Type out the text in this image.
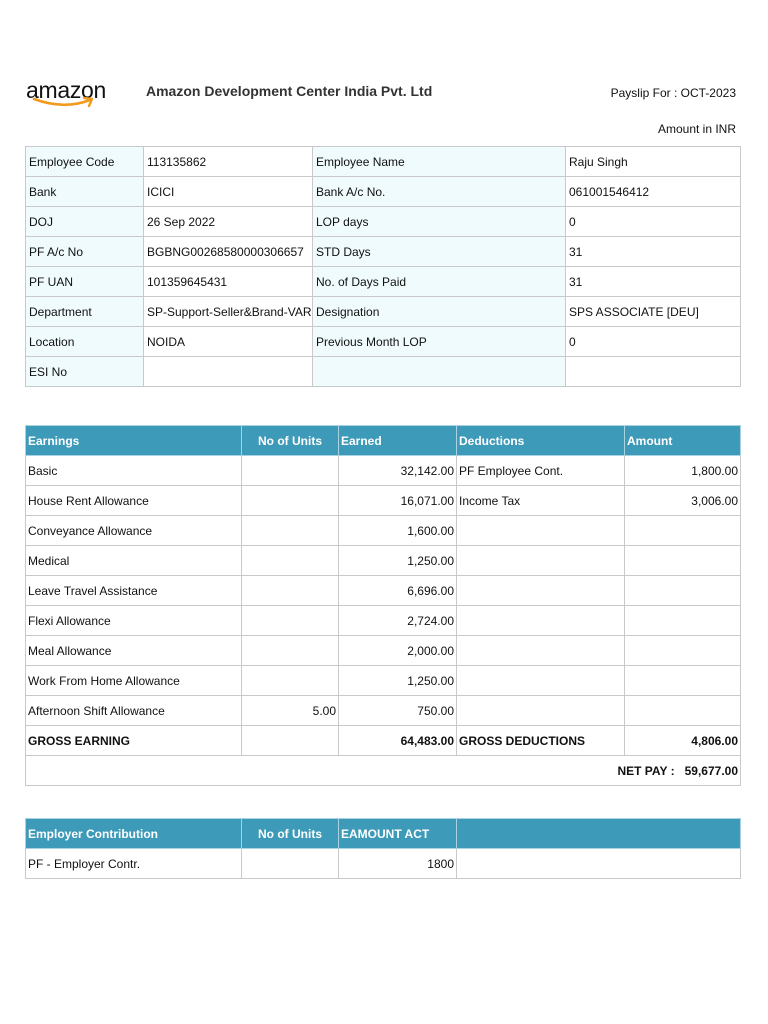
amazon	Amazon Development Center India Pvt. Ltd	Payslip For : OCT-2023
Amount in INR
Employee Code	113135862	Employee Name	Raju Singh
Bank	ICICI	Bank A/c No.	061001546412
DOJ	26 Sep 2022	LOP days	0
PF A/c No	BGBNG00268580000306657	STD Days	31
PF UAN	101359645431	No. of Days Paid	31
Department	SP-Support-Seller&Brand-VAR	Designation	SPS ASSOCIATE [DEU]
Location	NOIDA	Previous Month LOP	0
ESI No			
Earnings	No of Units	Earned	Deductions	Amount
Basic		32,142.00	PF Employee Cont.	1,800.00
House Rent Allowance		16,071.00	Income Tax	3,006.00
Conveyance Allowance		1,600.00		
Medical		1,250.00		
Leave Travel Assistance		6,696.00		
Flexi Allowance		2,724.00		
Meal Allowance		2,000.00		
Work From Home Allowance		1,250.00		
Afternoon Shift Allowance	5.00	750.00		
GROSS EARNING		64,483.00	GROSS DEDUCTIONS	4,806.00
NET PAY : 59,677.00				
Employer Contribution	No of Units	EAMOUNT ACT	
PF - Employer Contr.		1800	
